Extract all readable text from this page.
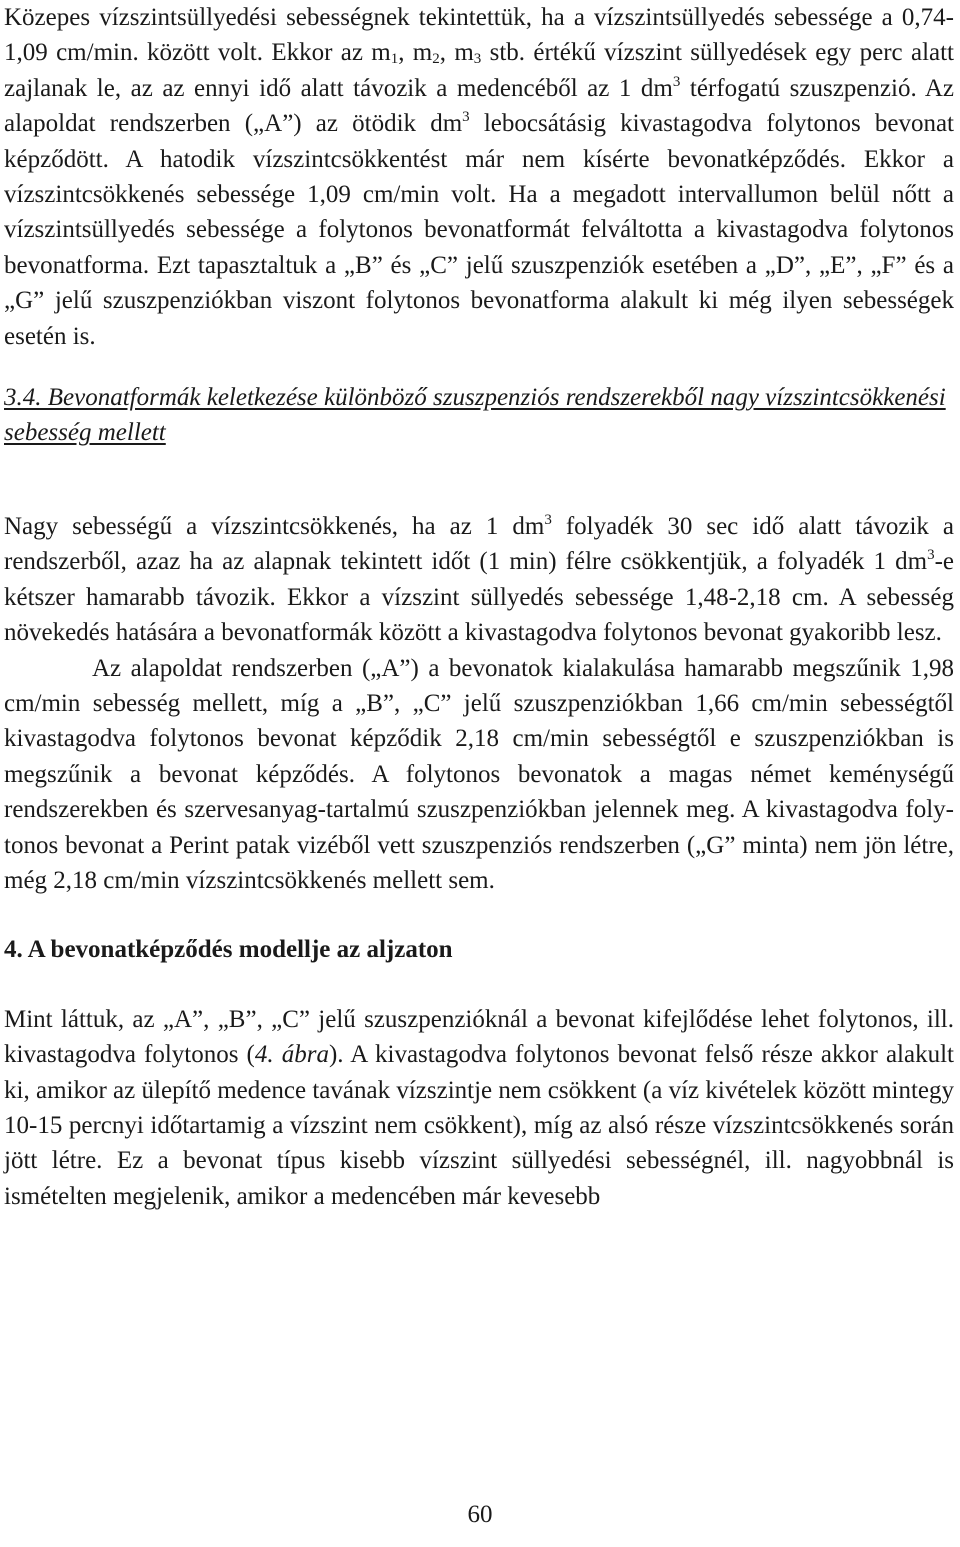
Közepes vízszintsüllyedési sebességnek tekintettük, ha a vízszintsüllyedés sebessége a 0,74-1,09 cm/min. között volt. Ekkor az $m_1$, $m_2$, $m_3$ stb. értékű vízszint süllyedések egy perc alatt zajlanak le, az az ennyi idő alatt távozik a medencéből az 1 $dm^3$ térfogatú szuszpenzió. Az alapoldat rendszerben („A”) az ötödik $dm^3$ lebocsátásig kivastagodva folytonos bevonat képződött. A hatodik vízszintcsökkentést már nem kísérte bevonatképződés. Ekkor a vízszintcsökkenés sebessége 1,09 cm/min volt. Ha a megadott intervallumon belül nőtt a vízszintsüllyedés sebessége a folytonos bevonatformát felváltotta a kivastagodva folytonos bevonatforma. Ezt tapasztaltuk a „B” és „C” jelű szuszpenziók esetében a „D”, „E”, „F” és a „G” jelű szuszpenziókban viszont folytonos bevonatforma alakult ki még ilyen sebességek esetén is.

3.4. Bevonatformák keletkezése különböző szuszpenziós rendszerekből nagy vízszintcsökkenési sebesség mellett

Nagy sebességű a vízszintcsökkenés, ha az 1 $dm^3$ folyadék 30 sec idő alatt távozik a rendszerből, azaz ha az alapnak tekintett időt (1 min) félre csökkentjük, a folyadék 1 $dm^3-e$ kétszer hamarabb távozik. Ekkor a vízszint süllyedés sebessége 1,48-2,18 cm. A sebesség növekedés hatására a bevonatformák között a kivastagodva folytonos bevonat gyakoribb lesz.

Az alapoldat rendszerben („A”) a bevonatok kialakulása hamarabb megszűnik 1,98 cm/min sebesség mellett, míg a „B”, „C” jelű szuszpenziókban 1,66 cm/min sebességtől kivastagodva folytonos bevonat képződik 2,18 cm/min sebességtől e szuszpenziókban is megszűnik a bevonat képződés. A folytonos bevonatok a magas német keménységű rendszerekben és szervesanyag-tartalmú szuszpenziókban jelennek meg. A kivastagodva folytonos bevonat a Perint patak vizéből vett szuszpenziós rendszerben („G” minta) nem jön létre, még 2,18 cm/min vízszintcsökkenés mellett sem.

4. A bevonatképződés modellje az aljzaton

Mint láttuk, az „A”, „B”, „C” jelű szuszpenzióknál a bevonat kifejlődése lehet folytonos, ill. kivastagodva folytonos (4. ábra). A kivastagodva folytonos bevonat felső része akkor alakult ki, amikor az ülepítő medence tavának vízszintje nem csökkent (a víz kivételek között mintegy 10-15 percnyi időtartamig a vízszint nem csökkent), míg az alsó része vízszintcsökkenés során jött létre. Ez a bevonat típus kisebb vízszint süllyedési sebességnél, ill. nagyobbnál is ismételten megjelenik, amikor a medencében már kevesebb

60
